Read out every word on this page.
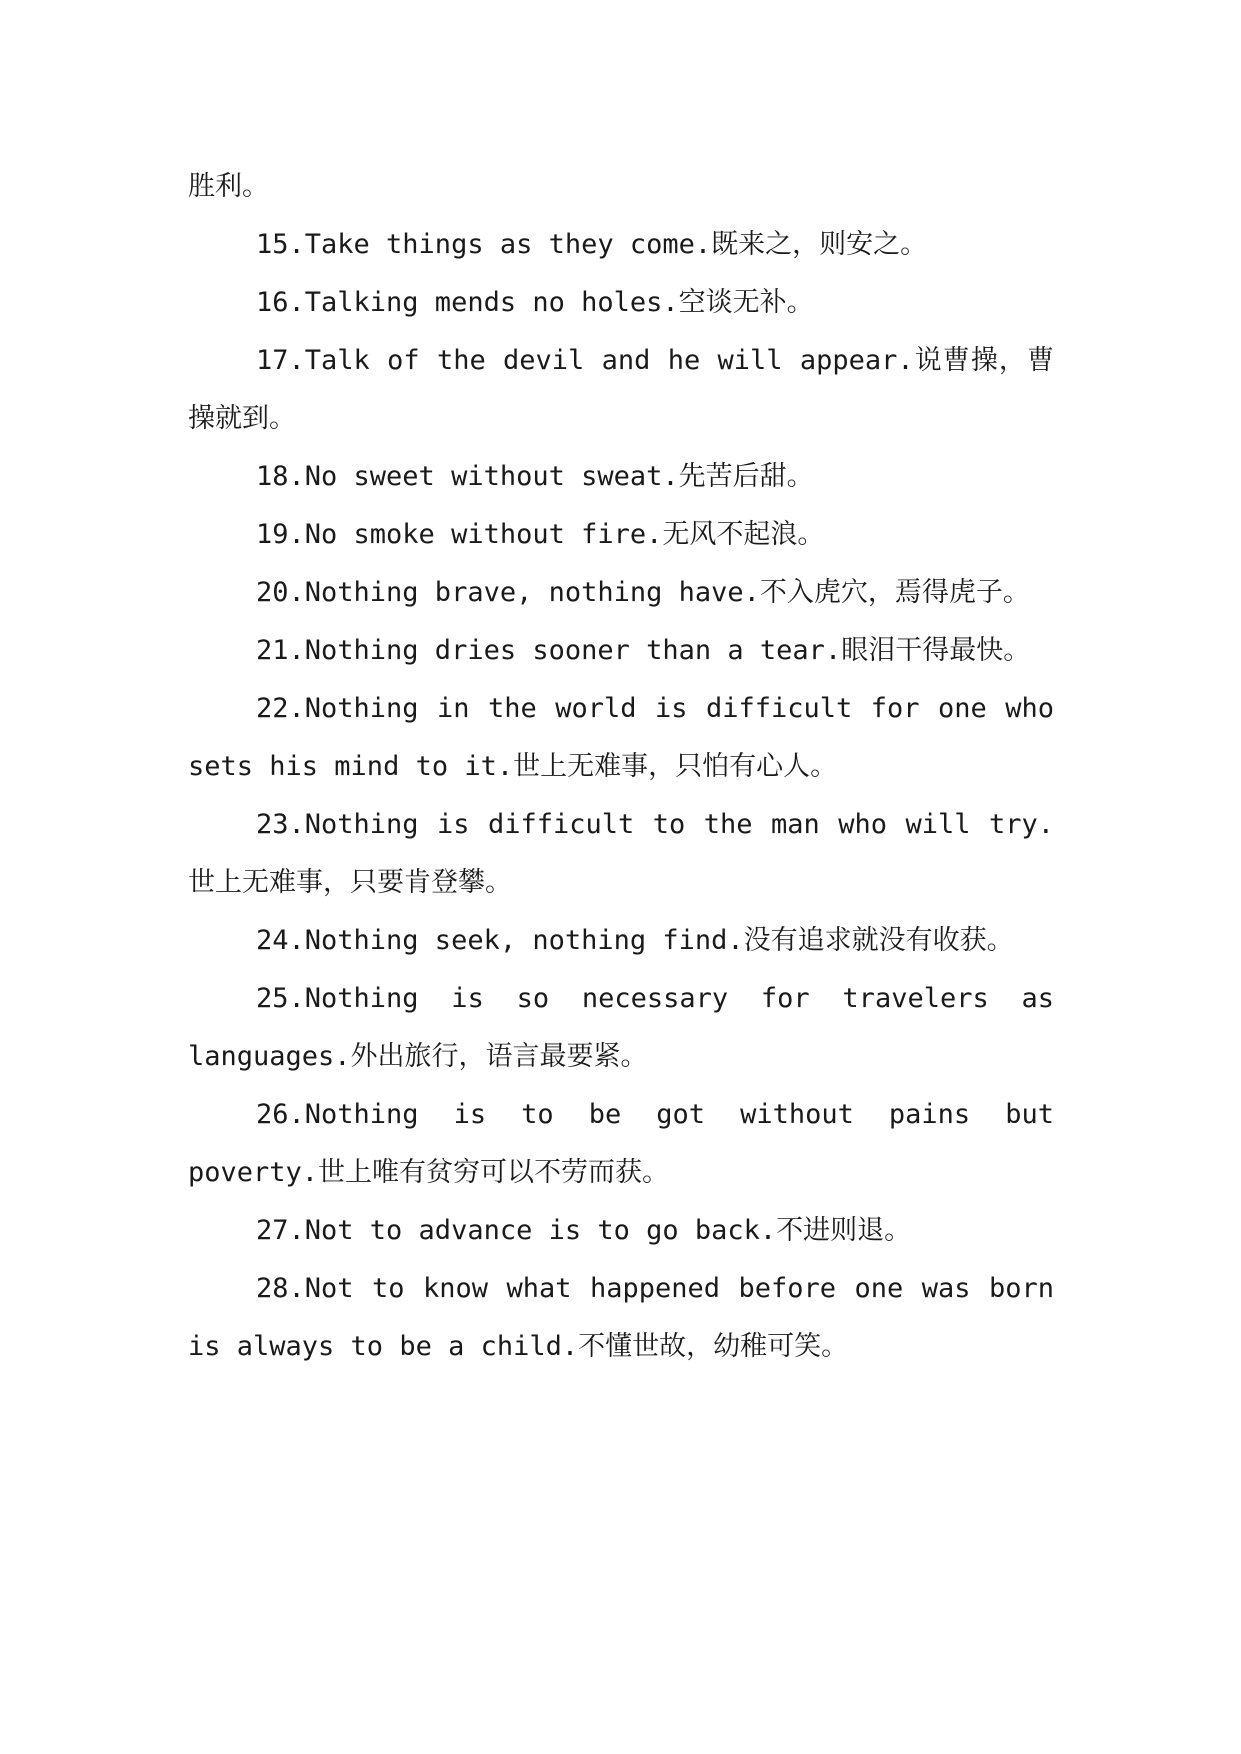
胜利。

15.Take things as they come.既来之，则安之。

16.Talking mends no holes.空谈无补。

17.Talk of the devil and he will appear.说曹操，曹操就到。

18.No sweet without sweat.先苦后甜。

19.No smoke without fire.无风不起浪。

20.Nothing brave, nothing have.不入虎穴，焉得虎子。

21.Nothing dries sooner than a tear.眼泪干得最快。

22.Nothing in the world is difficult for one who sets his mind to it.世上无难事，只怕有心人。

23.Nothing is difficult to the man who will try.世上无难事，只要肯登攀。

24.Nothing seek, nothing find.没有追求就没有收获。

25.Nothing is so necessary for travelers as languages.外出旅行，语言最要紧。

26.Nothing is to be got without pains but poverty.世上唯有贫穷可以不劳而获。

27.Not to advance is to go back.不进则退。

28.Not to know what happened before one was born is always to be a child.不懂世故，幼稚可笑。
